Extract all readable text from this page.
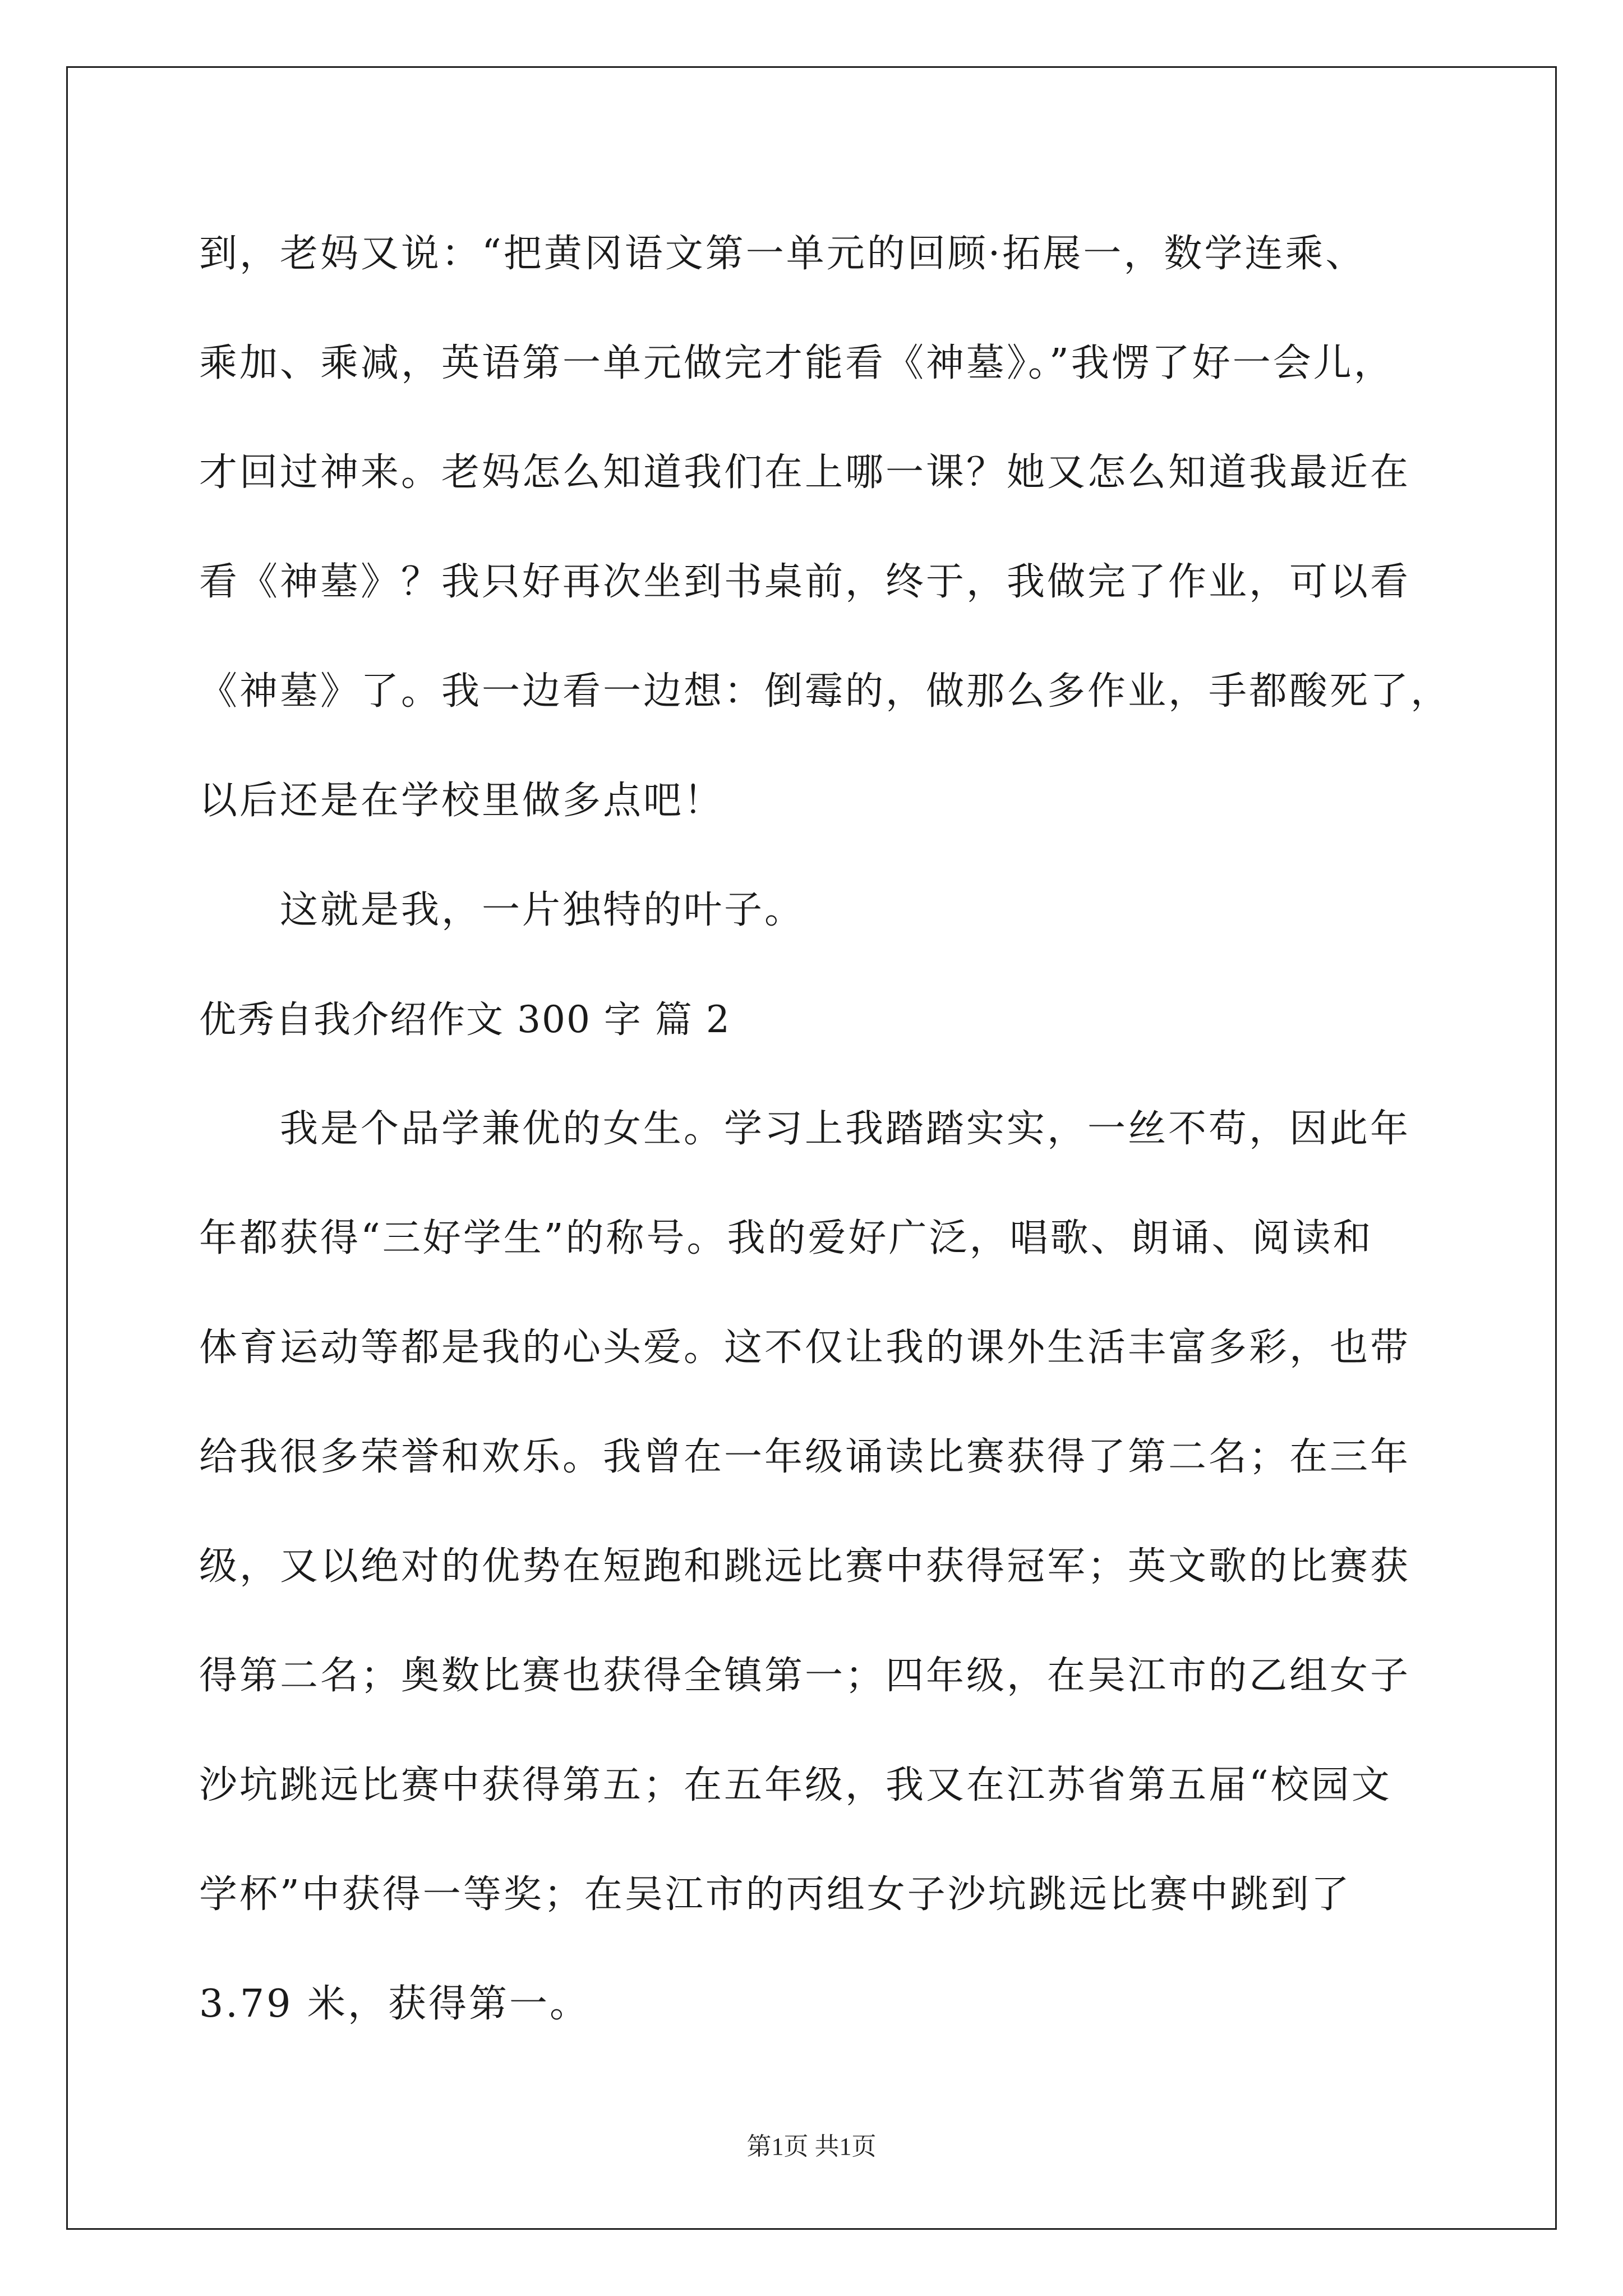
到，老妈又说：“把黄冈语文第一单元的回顾·拓展一，数学连乘、
乘加、乘减，英语第一单元做完才能看《神墓》。”我愣了好一会儿，
才回过神来。老妈怎么知道我们在上哪一课？她又怎么知道我最近在
看《神墓》？我只好再次坐到书桌前，终于，我做完了作业，可以看
《神墓》了。我一边看一边想：倒霉的，做那么多作业，手都酸死了，
以后还是在学校里做多点吧！
这就是我，一片独特的叶子。
优秀自我介绍作文 300 字 篇 2
我是个品学兼优的女生。学习上我踏踏实实，一丝不苟，因此年
年都获得“三好学生”的称号。我的爱好广泛，唱歌、朗诵、阅读和
体育运动等都是我的心头爱。这不仅让我的课外生活丰富多彩，也带
给我很多荣誉和欢乐。我曾在一年级诵读比赛获得了第二名；在三年
级，又以绝对的优势在短跑和跳远比赛中获得冠军；英文歌的比赛获
得第二名；奥数比赛也获得全镇第一；四年级，在吴江市的乙组女子
沙坑跳远比赛中获得第五；在五年级，我又在江苏省第五届“校园文
学杯”中获得一等奖；在吴江市的丙组女子沙坑跳远比赛中跳到了
3.79 米，获得第一。
第1页 共1页
